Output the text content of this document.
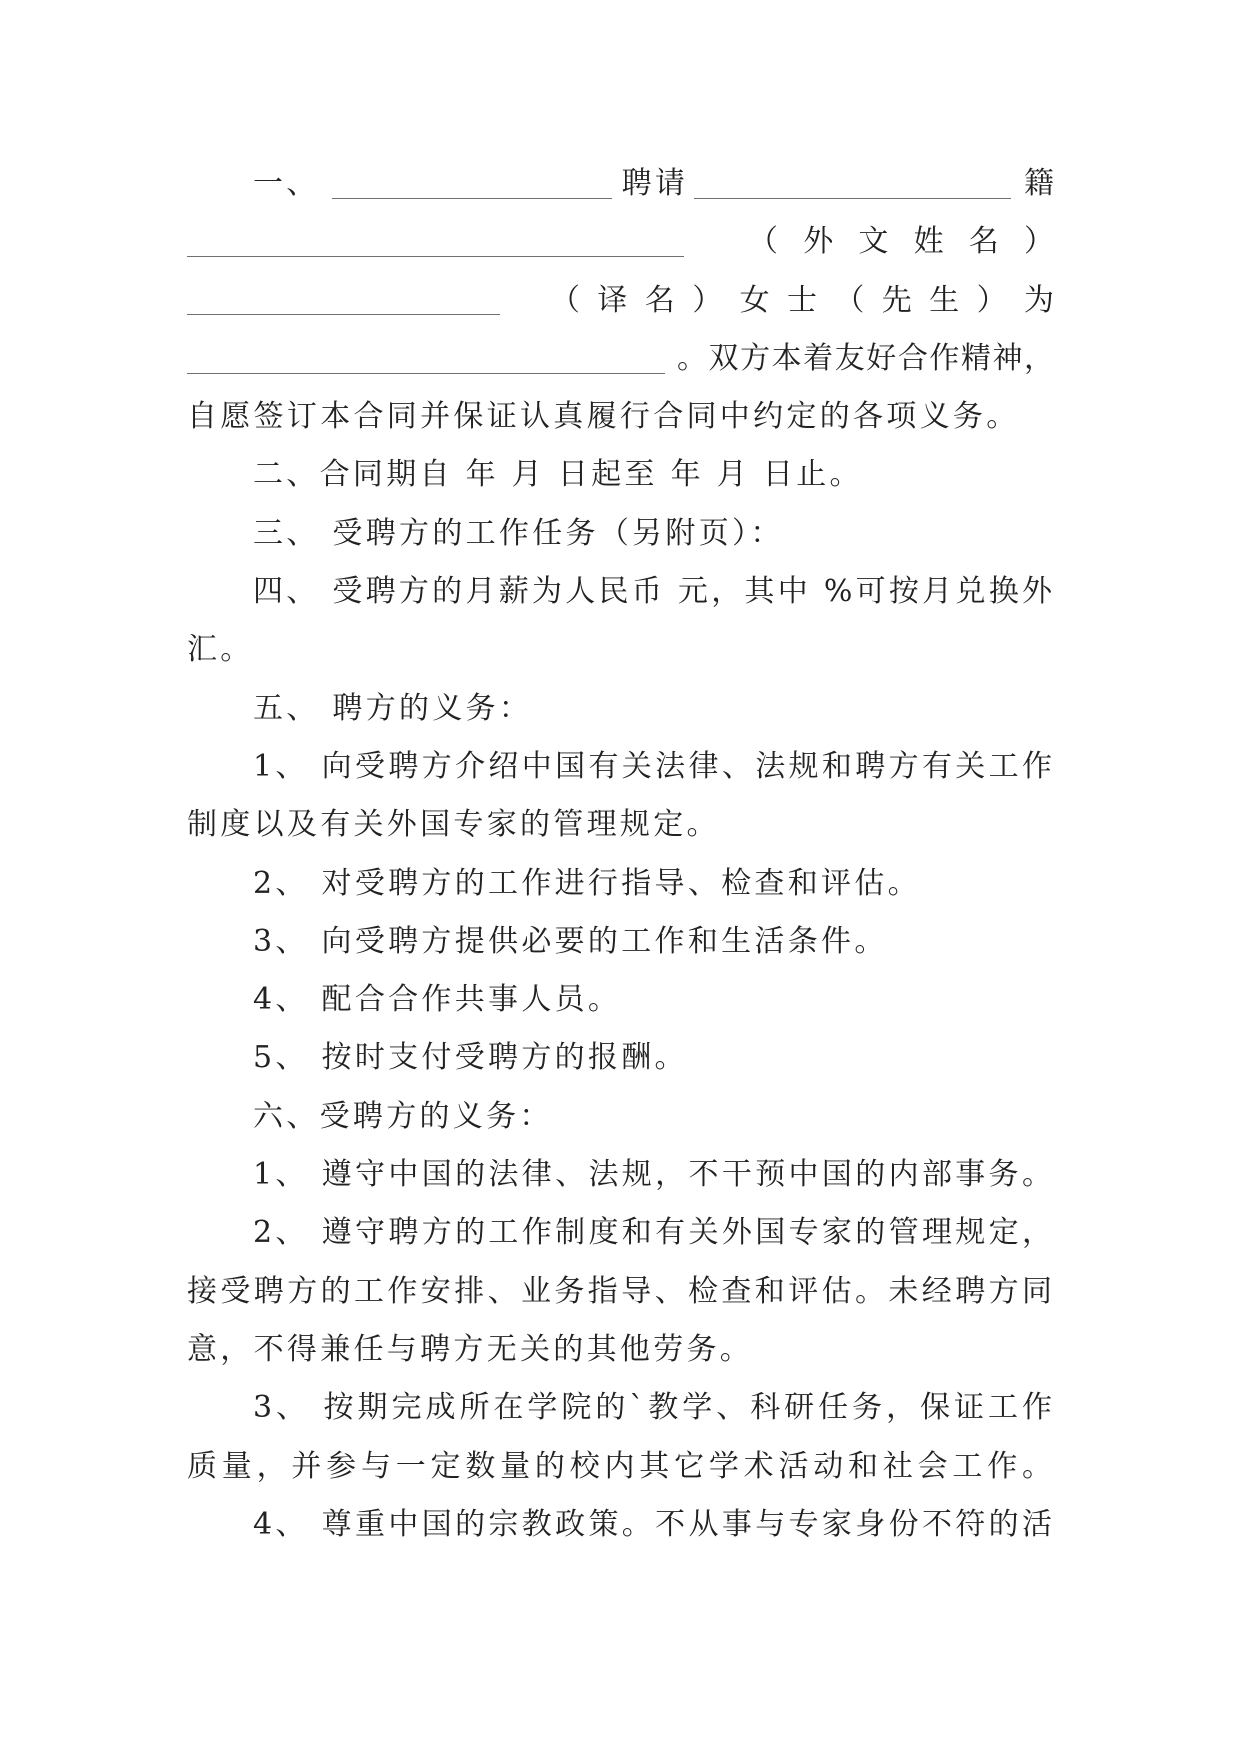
一、	聘请	籍
（ 外 文 姓 名 ）
（ 译 名 ） 女 士 （ 先 生 ） 为
。双方本着友好合作精神，
自愿签订本合同并保证认真履行合同中约定的各项义务。
二、合同期自 年 月 日起至 年 月 日止。
三、 受聘方的工作任务（另附页）：
四、 受聘方的月薪为人民币 元，其中 %可按月兑换外
汇。
五、 聘方的义务：
1、 向受聘方介绍中国有关法律、法规和聘方有关工作
制度以及有关外国专家的管理规定。
2、 对受聘方的工作进行指导、检查和评估。
3、 向受聘方提供必要的工作和生活条件。
4、 配合合作共事人员。
5、 按时支付受聘方的报酬。
六、受聘方的义务：
1、 遵守中国的法律、法规，不干预中国的内部事务。
2、 遵守聘方的工作制度和有关外国专家的管理规定，
接受聘方的工作安排、业务指导、检查和评估。未经聘方同
意，不得兼任与聘方无关的其他劳务。
3、 按期完成所在学院的`教学、科研任务，保证工作
质量，并参与一定数量的校内其它学术活动和社会工作。
4、 尊重中国的宗教政策。不从事与专家身份不符的活
